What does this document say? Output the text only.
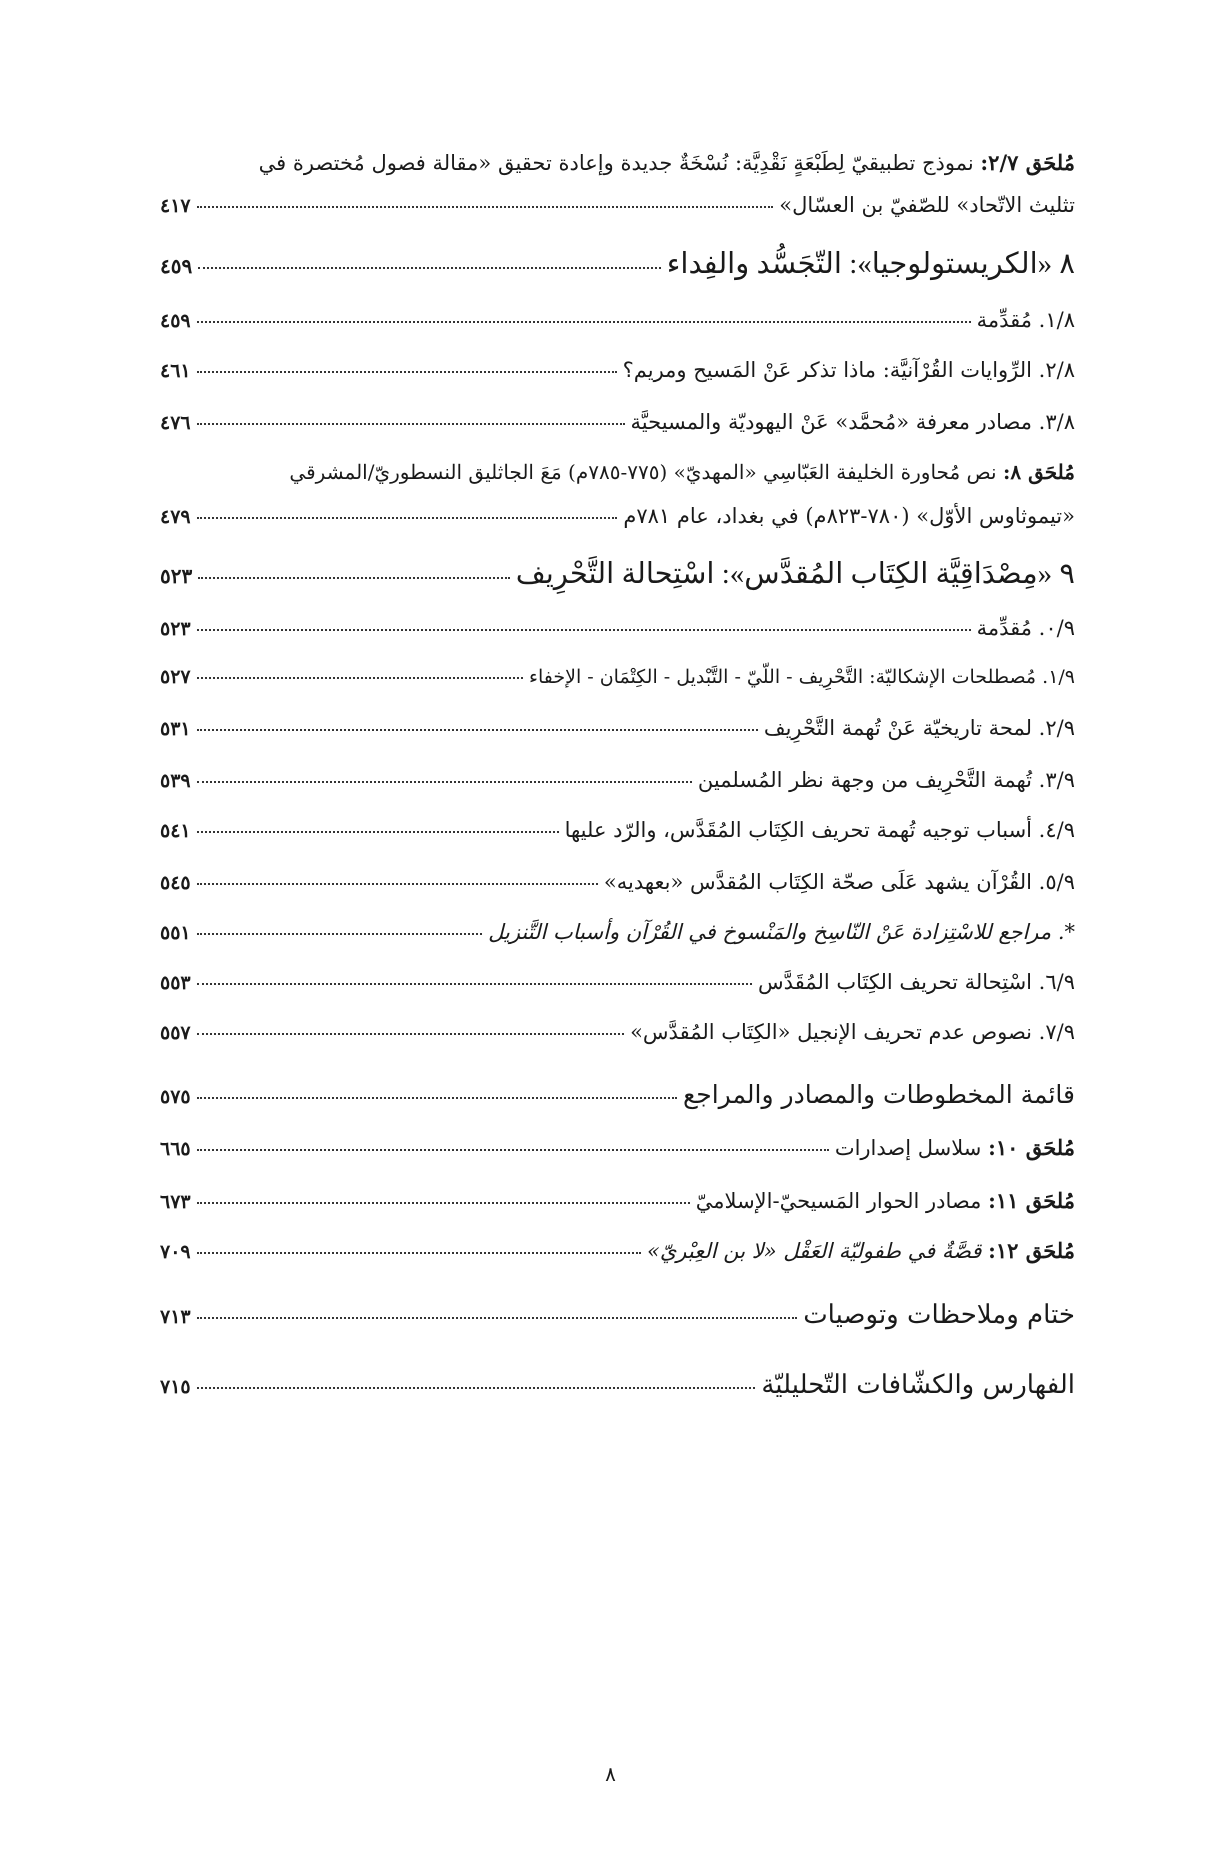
مُلحَق ٢/٧: نموذج تطبيقيّ لِطَبْعَةٍ نَقْدِيَّة: نُسْخَةٌ جديدة وإعادة تحقيق «مقالة فصول مُختصرة في
تثليث الاتّحاد» للصّفيّ بن العسّال»
٤١٧
٨ «الكريستولوجيا»: التّجَسُّد والفِداء
٤٥٩
١/٨. مُقدِّمة
٤٥٩
٢/٨. الرِّوايات القُرْآنيَّة: ماذا تذكر عَنْ المَسيح ومريم؟
٤٦١
٣/٨. مصادر معرفة «مُحمَّد» عَنْ اليهوديّة والمسيحيَّة
٤٧٦
مُلحَق ٨: نص مُحاورة الخليفة العَبّاسِي «المهديّ» (٧٧٥-٧٨٥م) مَعَ الجاثليق النسطوريّ/المشرقي
«تيموثاوس الأوّل» (٧٨٠-٨٢٣م) في بغداد، عام ٧٨١م
٤٧٩
٩ «مِصْدَاقِيَّة الكِتَاب المُقدَّس»: اسْتِحالة التَّحْرِيف
٥٢٣
٠/٩. مُقدِّمة
٥٢٣
١/٩. مُصطلحات الإشكاليّة: التَّحْرِيف - اللّيّ - التَّبْديل - الكِتْمَان - الإخفاء
٥٢٧
٢/٩. لمحة تاريخيّة عَنْ تُهمة التَّحْرِيف
٥٣١
٣/٩. تُهمة التَّحْرِيف من وجهة نظر المُسلمين
٥٣٩
٤/٩. أسباب توجيه تُهمة تحريف الكِتَاب المُقَدَّس، والرّد عليها
٥٤١
٥/٩. القُرْآن يشهد عَلَى صحّة الكِتَاب المُقدَّس «بعهديه»
٥٤٥
*. مراجع للاسْتِزادة عَنْ النّاسِخ والمَنْسوخ في القُرْآن وأسباب التَّنزيل
٥٥١
٦/٩. اسْتِحالة تحريف الكِتَاب المُقَدَّس
٥٥٣
٧/٩. نصوص عدم تحريف الإنجيل «الكِتَاب المُقدَّس»
٥٥٧
قائمة المخطوطات والمصادر والمراجع
٥٧٥
مُلحَق ١٠: سلاسل إصدارات
٦٦٥
مُلحَق ١١: مصادر الحوار المَسيحيّ-الإسلاميّ
٦٧٣
مُلحَق ١٢: قصَّةٌ في طفوليّة العَقْل «لا بن العِبْريّ»
٧٠٩
ختام وملاحظات وتوصيات
٧١٣
الفهارس والكشّافات التّحليليّة
٧١٥
٨
